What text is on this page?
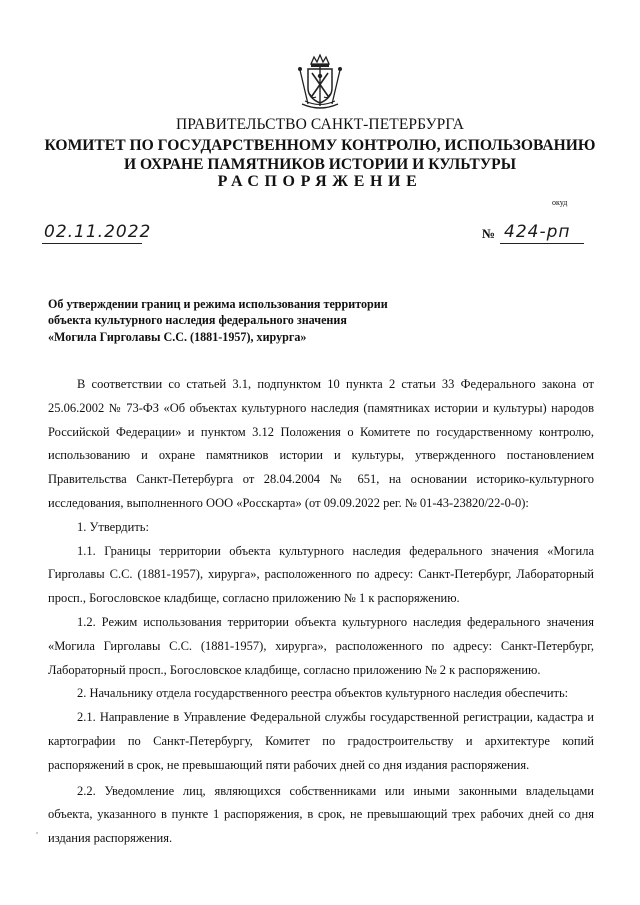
ПРАВИТЕЛЬСТВО САНКТ-ПЕТЕРБУРГА
КОМИТЕТ ПО ГОСУДАРСТВЕННОМУ КОНТРОЛЮ, ИСПОЛЬЗОВАНИЮ
И ОХРАНЕ ПАМЯТНИКОВ ИСТОРИИ И КУЛЬТУРЫ
РАСПОРЯЖЕНИЕ
окуд
02.11.2022	№ 424-рп
Об утверждении границ и режима использования территории
объекта культурного наследия федерального значения
«Могила Гирголавы С.С. (1881-1957), хирурга»

В соответствии со статьей 3.1, подпунктом 10 пункта 2 статьи 33 Федерального закона от 25.06.2002 № 73-ФЗ «Об объектах культурного наследия (памятниках истории и культуры) народов Российской Федерации» и пунктом 3.12 Положения о Комитете по государственному контролю, использованию и охране памятников истории и культуры, утвержденного постановлением Правительства Санкт-Петербурга от 28.04.2004 № 651, на основании историко-культурного исследования, выполненного ООО «Росскарта» (от 09.09.2022 рег. № 01-43-23820/22-0-0):

1. Утвердить:

1.1. Границы территории объекта культурного наследия федерального значения «Могила Гирголавы С.С. (1881-1957), хирурга», расположенного по адресу: Санкт-Петербург, Лабораторный просп., Богословское кладбище, согласно приложению № 1 к распоряжению.

1.2. Режим использования территории объекта культурного наследия федерального значения «Могила Гирголавы С.С. (1881-1957), хирурга», расположенного по адресу: Санкт-Петербург, Лабораторный просп., Богословское кладбище, согласно приложению № 2 к распоряжению.

2. Начальнику отдела государственного реестра объектов культурного наследия обеспечить:

2.1. Направление в Управление Федеральной службы государственной регистрации, кадастра и картографии по Санкт-Петербургу, Комитет по градостроительству и архитектуре копий распоряжений в срок, не превышающий пяти рабочих дней со дня издания распоряжения.

2.2. Уведомление лиц, являющихся собственниками или иными законными владельцами объекта, указанного в пункте 1 распоряжения, в срок, не превышающий трех рабочих дней со дня издания распоряжения.
